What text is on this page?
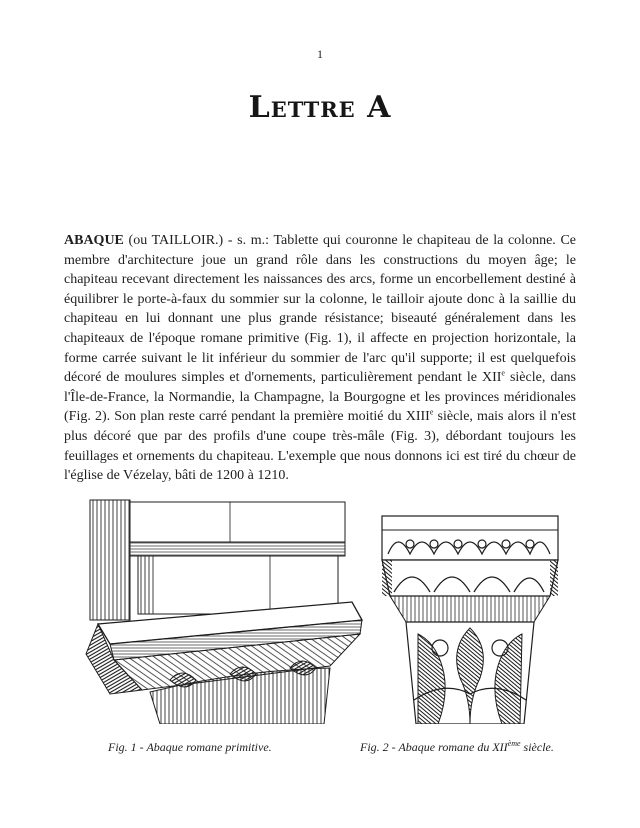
1
Lettre A
ABAQUE (ou TAILLOIR.) - s. m.: Tablette qui couronne le chapiteau de la colonne. Ce membre d'architecture joue un grand rôle dans les constructions du moyen âge; le chapiteau recevant directement les naissances des arcs, forme un encorbellement destiné à équilibrer le porte-à-faux du sommier sur la colonne, le tailloir ajoute donc à la saillie du chapiteau en lui donnant une plus grande résistance; biseauté généralement dans les chapiteaux de l'époque romane primitive (Fig. 1), il affecte en projection horizontale, la forme carrée suivant le lit inférieur du sommier de l'arc qu'il supporte; il est quelquefois décoré de moulures simples et d'ornements, particulièrement pendant le XIIe siècle, dans l'Île-de-France, la Normandie, la Champagne, la Bourgogne et les provinces méridionales (Fig. 2). Son plan reste carré pendant la première moitié du XIIIe siècle, mais alors il n'est plus décoré que par des profils d'une coupe très-mâle (Fig. 3), débordant toujours les feuillages et ornements du chapiteau. L'exemple que nous donnons ici est tiré du chœur de l'église de Vézelay, bâti de 1200 à 1210.
Fig. 1 - Abaque romane primitive.	Fig. 2 - Abaque romane du XIIème siècle.
